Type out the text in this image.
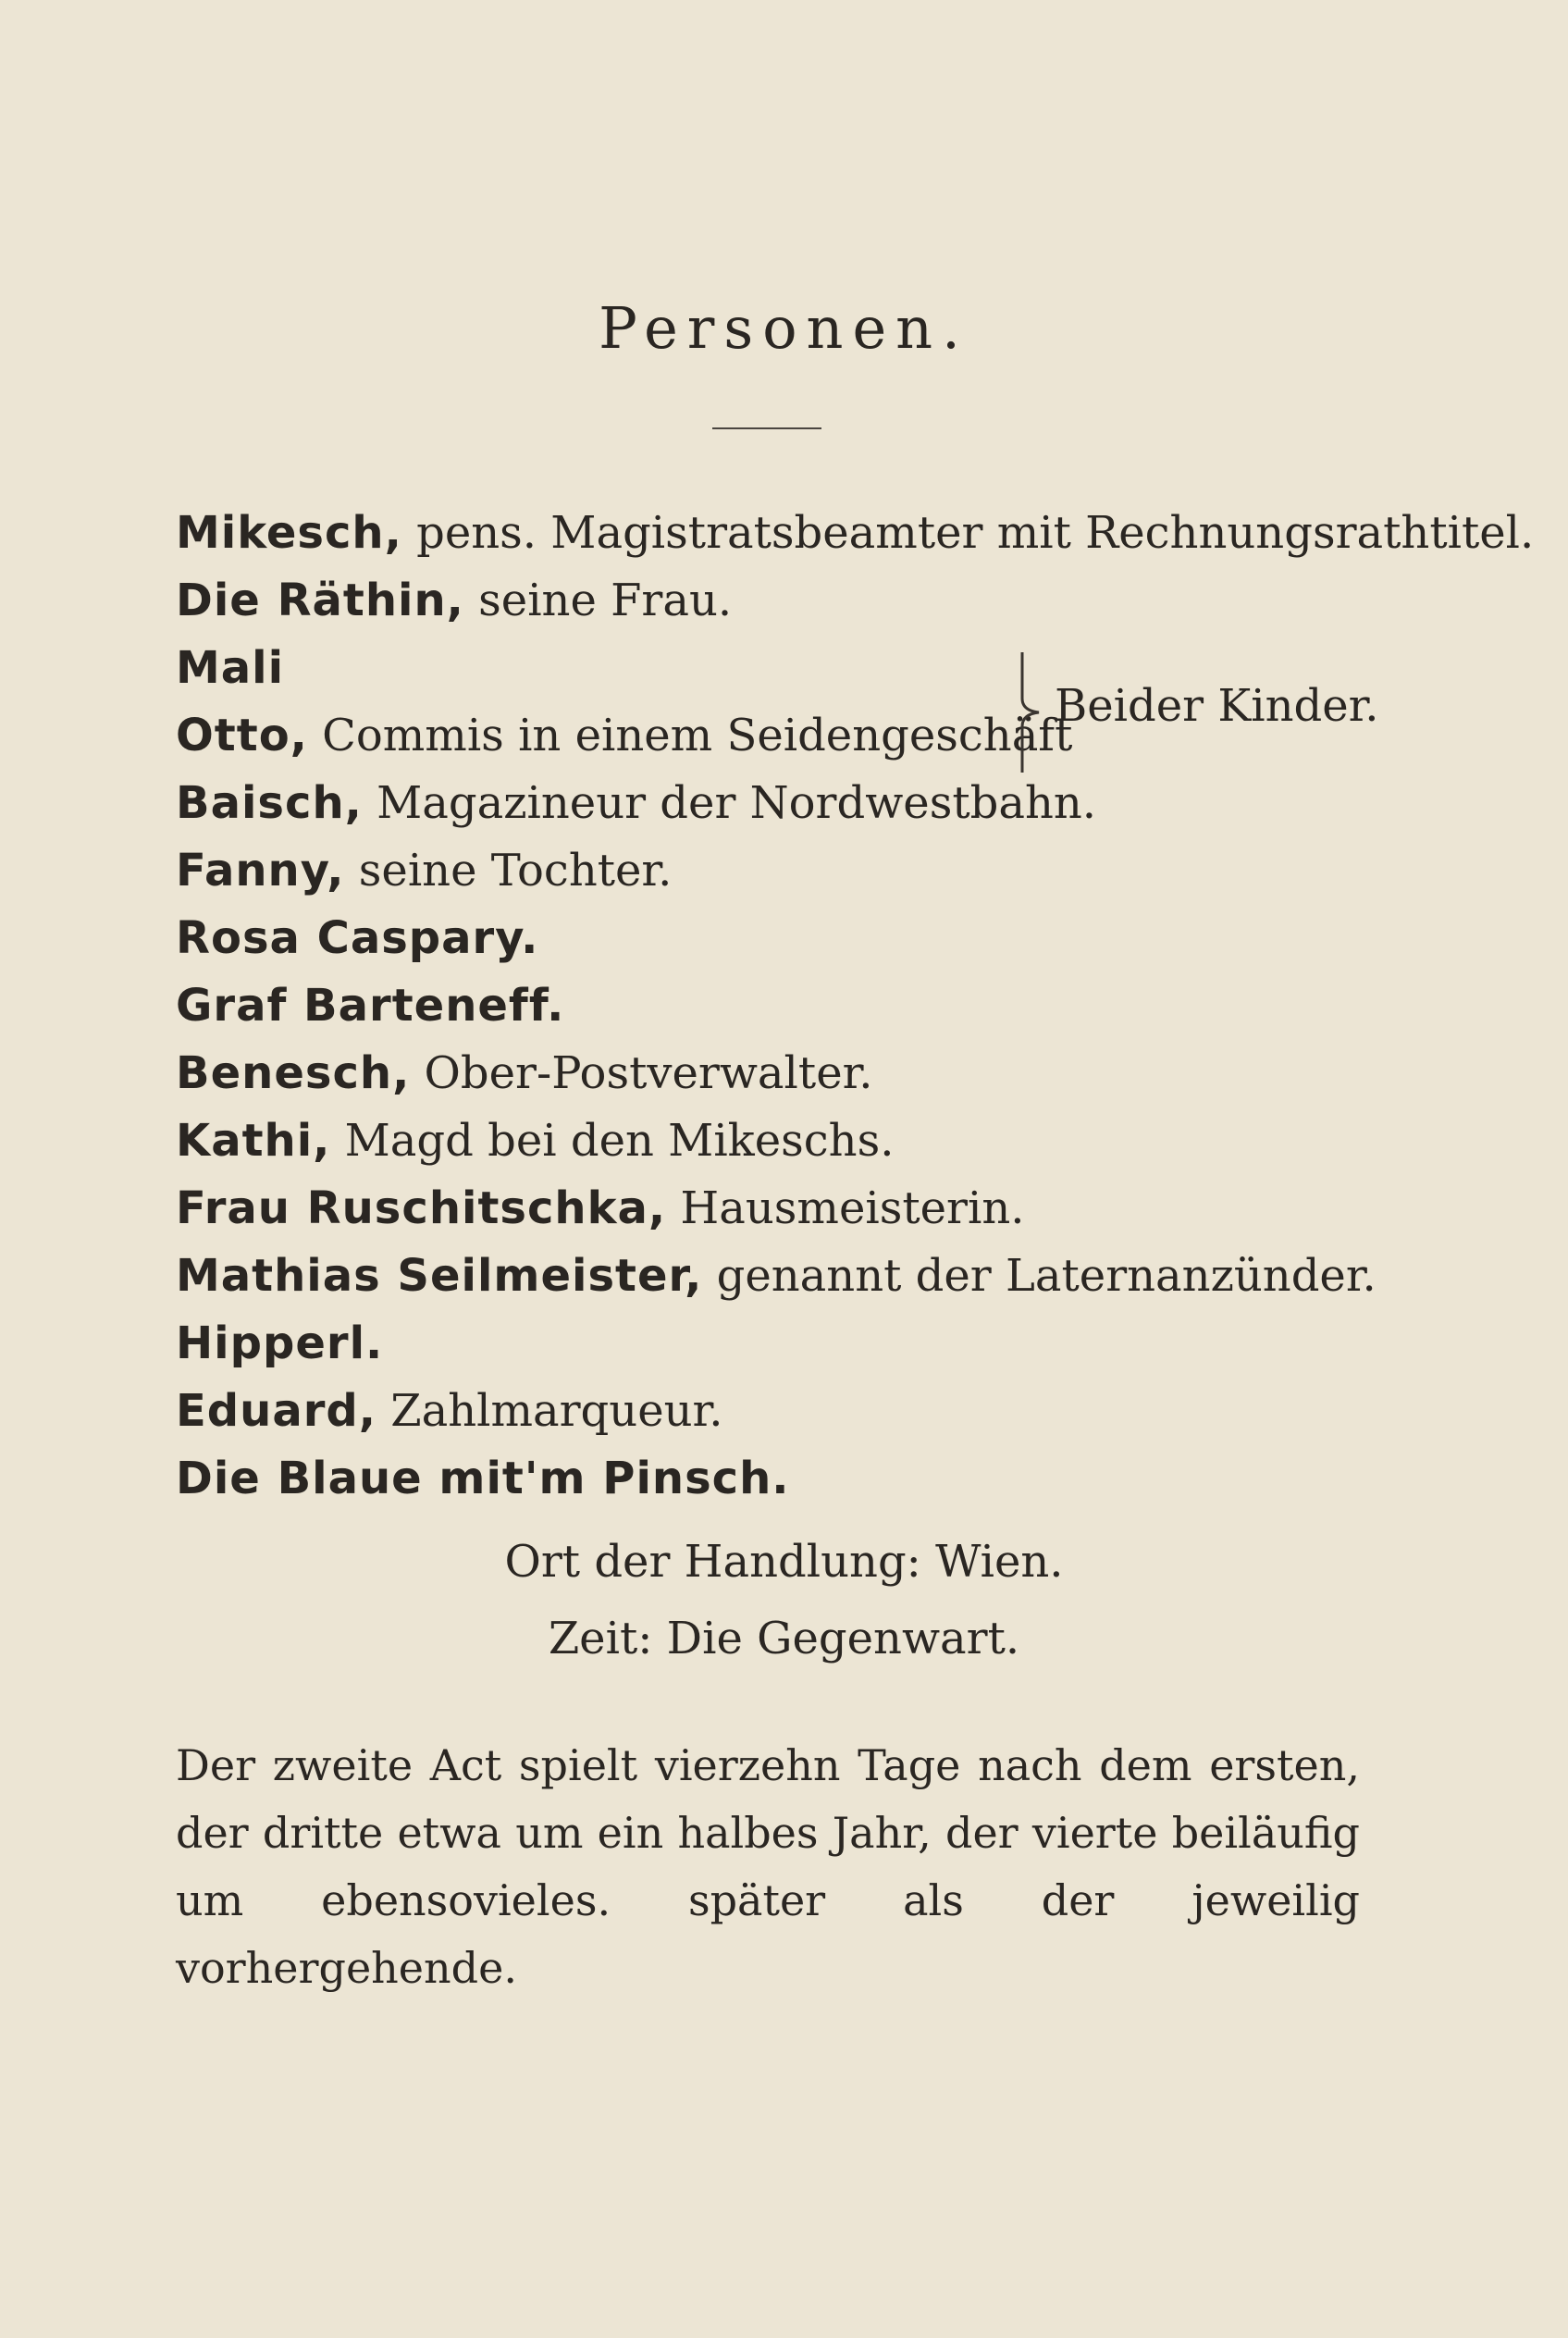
Personen.
Mikesch, pens. Magistratsbeamter mit Rechnungsrathtitel.
Die Räthin, seine Frau.
Mali
Otto, Commis in einem Seidengeschäft
Baisch, Magazineur der Nordwestbahn.
Fanny, seine Tochter.
Rosa Caspary.
Graf Barteneff.
Benesch, Ober-Postverwalter.
Kathi, Magd bei den Mikeschs.
Frau Ruschitschka, Hausmeisterin.
Mathias Seilmeister, genannt der Laternanzünder.
Hipperl.
Eduard, Zahlmarqueur.
Die Blaue mit'm Pinsch.
Beider Kinder.
Ort der Handlung: Wien.
Zeit: Die Gegenwart.
Der zweite Act spielt vierzehn Tage nach dem ersten,
der dritte etwa um ein halbes Jahr, der vierte beiläufig
um ebensovieles. später als der jeweilig vorhergehende.
